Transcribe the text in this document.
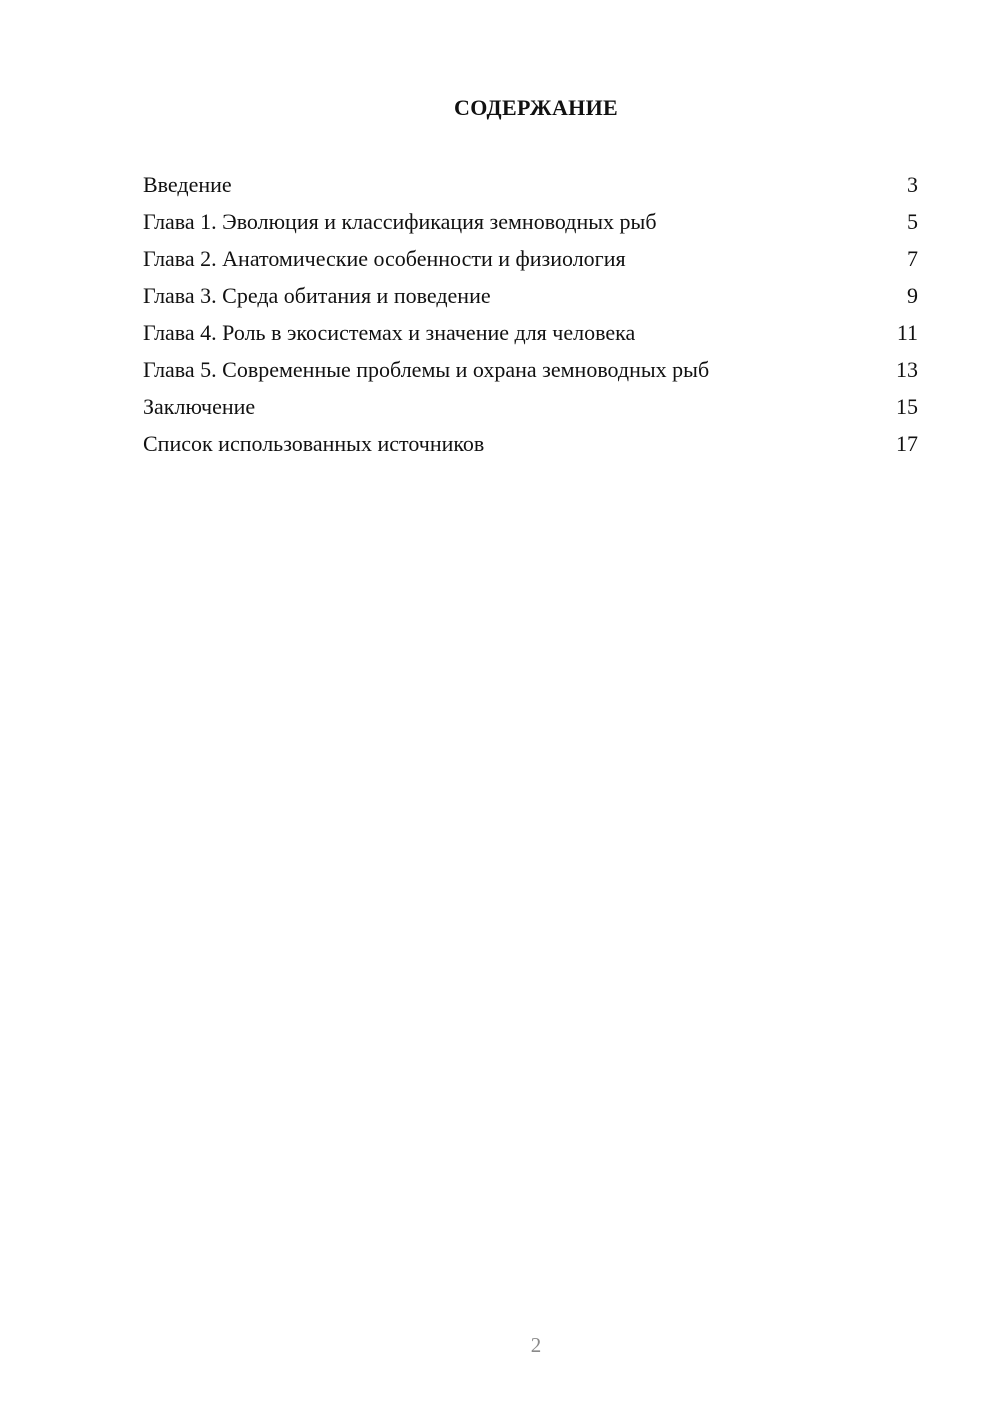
СОДЕРЖАНИЕ
Введение	3
Глава 1. Эволюция и классификация земноводных рыб	5
Глава 2. Анатомические особенности и физиология	7
Глава 3. Среда обитания и поведение	9
Глава 4. Роль в экосистемах и значение для человека	11
Глава 5. Современные проблемы и охрана земноводных рыб	13
Заключение	15
Список использованных источников	17
2
